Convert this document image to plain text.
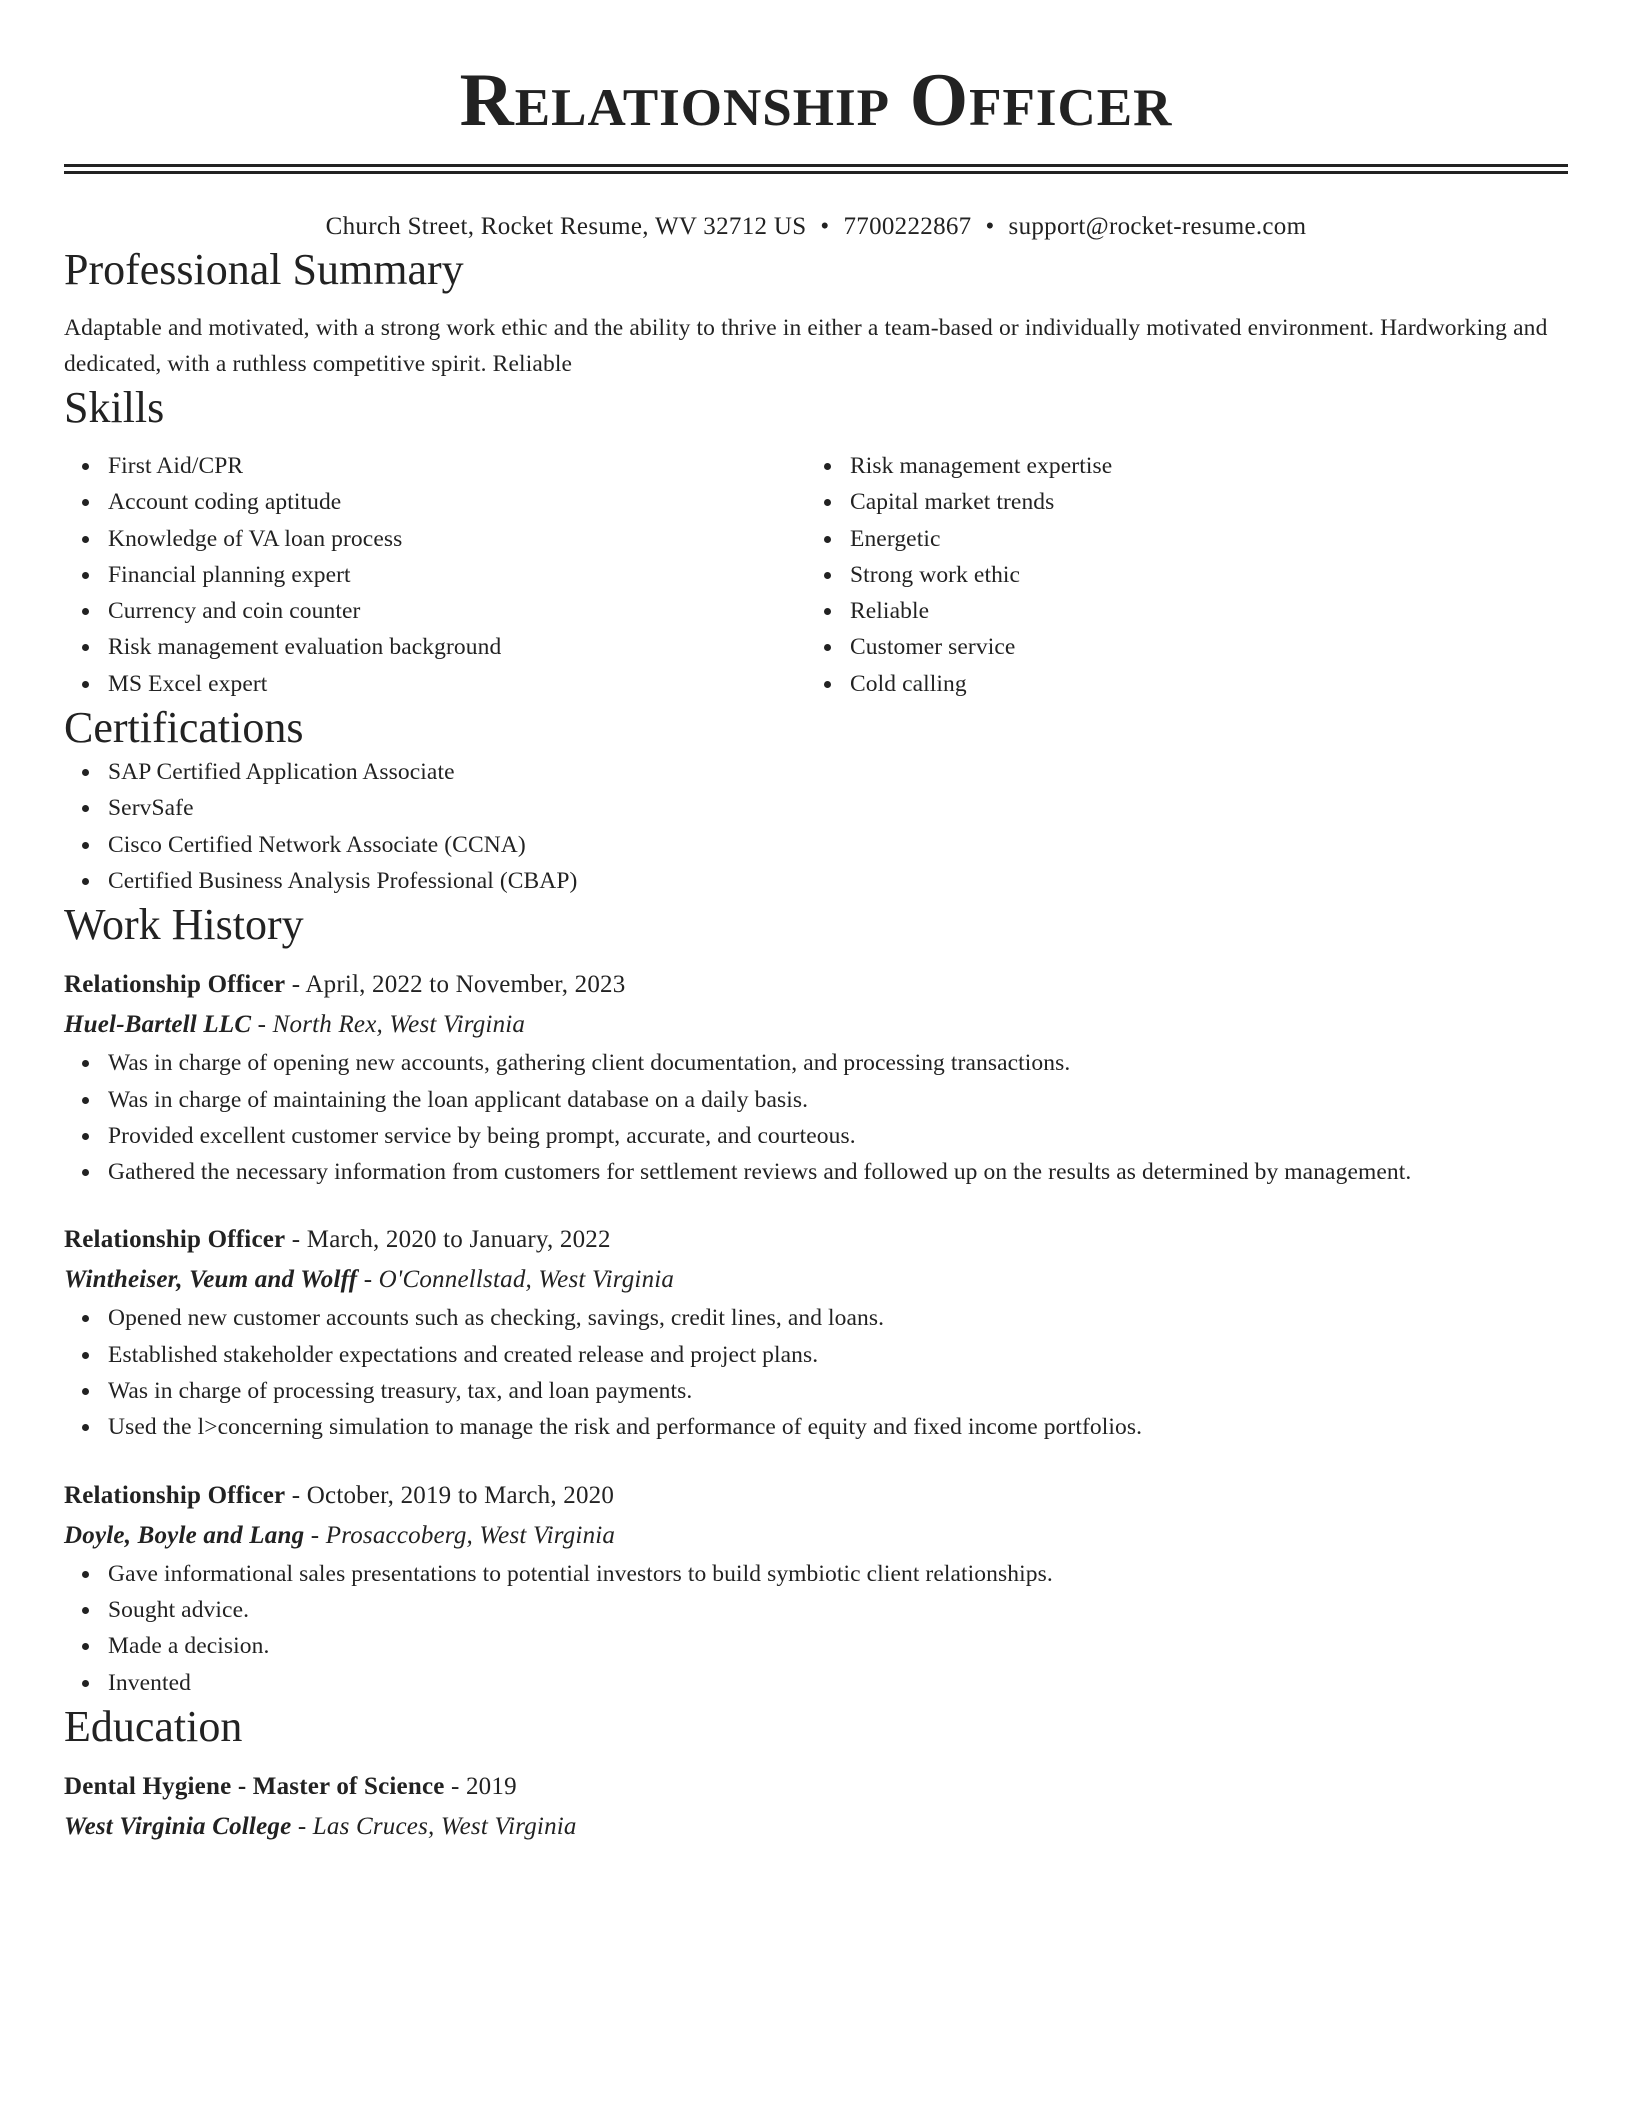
Relationship Officer
Church Street, Rocket Resume, WV 32712 US • 7700222867 • support@rocket-resume.com
Professional Summary
Adaptable and motivated, with a strong work ethic and the ability to thrive in either a team-based or individually motivated environment. Hardworking and dedicated, with a ruthless competitive spirit. Reliable
Skills
First Aid/CPR
Account coding aptitude
Knowledge of VA loan process
Financial planning expert
Currency and coin counter
Risk management evaluation background
MS Excel expert
Risk management expertise
Capital market trends
Energetic
Strong work ethic
Reliable
Customer service
Cold calling
Certifications
SAP Certified Application Associate
ServSafe
Cisco Certified Network Associate (CCNA)
Certified Business Analysis Professional (CBAP)
Work History
Relationship Officer - April, 2022 to November, 2023
Huel-Bartell LLC - North Rex, West Virginia
Was in charge of opening new accounts, gathering client documentation, and processing transactions.
Was in charge of maintaining the loan applicant database on a daily basis.
Provided excellent customer service by being prompt, accurate, and courteous.
Gathered the necessary information from customers for settlement reviews and followed up on the results as determined by management.
Relationship Officer - March, 2020 to January, 2022
Wintheiser, Veum and Wolff - O'Connellstad, West Virginia
Opened new customer accounts such as checking, savings, credit lines, and loans.
Established stakeholder expectations and created release and project plans.
Was in charge of processing treasury, tax, and loan payments.
Used the l>concerning simulation to manage the risk and performance of equity and fixed income portfolios.
Relationship Officer - October, 2019 to March, 2020
Doyle, Boyle and Lang - Prosaccoberg, West Virginia
Gave informational sales presentations to potential investors to build symbiotic client relationships.
Sought advice.
Made a decision.
Invented
Education
Dental Hygiene - Master of Science - 2019
West Virginia College - Las Cruces, West Virginia
